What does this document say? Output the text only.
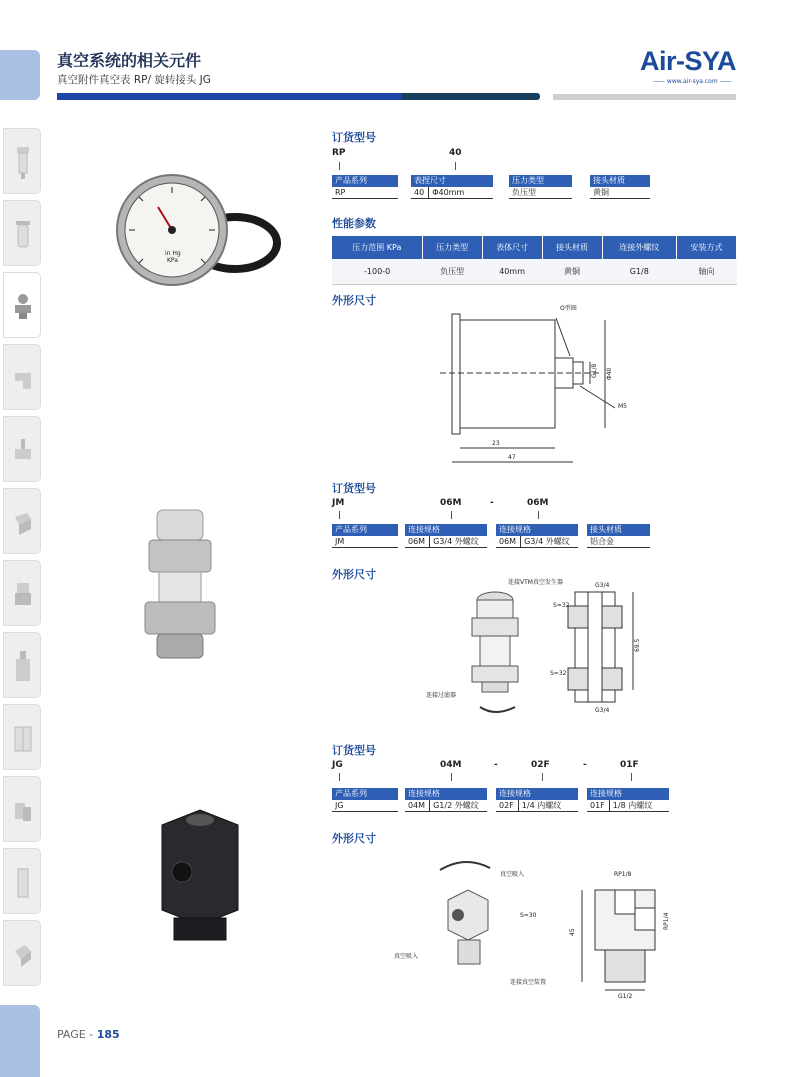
真空系统的相关元件
真空附件真空表 RP/ 旋转接头 JG
Air-SYA
—— www.air-sya.com ——
in Hg
KPa
订货型号
RP	40
产品系列
RP
表捏尺寸
40	Φ40mm
压力类型
负压型
接头材质
黄铜
性能参数
压力范围 KPa	压力类型	表体尺寸	接头材质	连接外螺纹	安装方式
-100-0	负压型	40mm	黄铜	G1/8	轴向
外形尺寸
O型圈
G1/8 Φ40
M5
23
47
订货型号
JM	06M	-	06M
产品系列
JM
连接规格
06M	G3/4 外螺纹
连接规格
06M	G3/4 外螺纹
接头材质
铝合金
外形尺寸
连接VTM真空发生器
连接过滤器
G3/4
S=32
S=32
69.5
G3/4
订货型号
JG	04M	-	02F	-	01F
产品系列
JG
连接规格
04M	G1/2 外螺纹
连接规格
02F	1/4 内螺纹
连接规格
01F	1/8 内螺纹
外形尺寸
真空吸入
S=30
真空吸入
连接真空装置
RP1/8
RP1/4
45
G1/2
PAGE - 185
